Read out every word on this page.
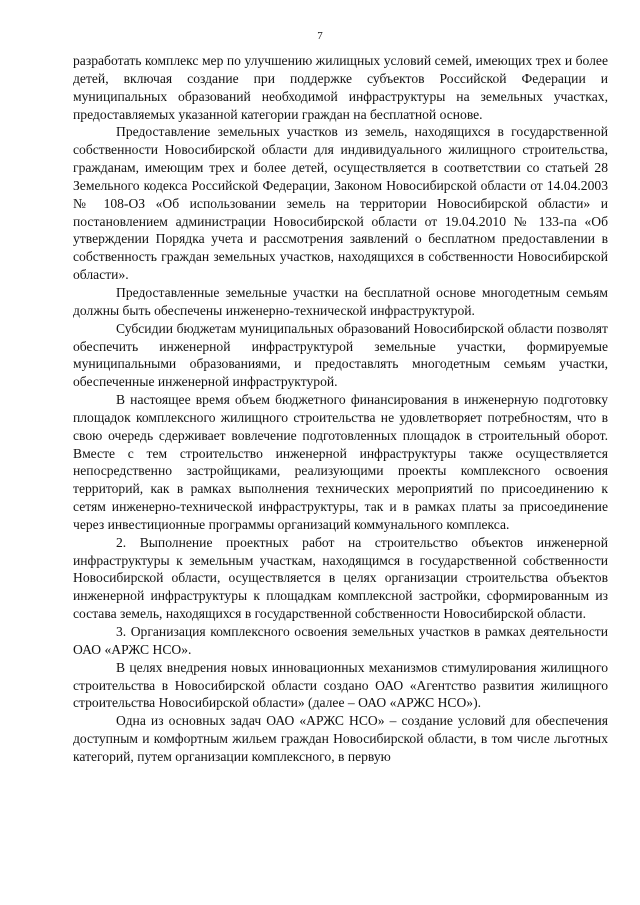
7

разработать комплекс мер по улучшению жилищных условий семей, имеющих трех и более детей, включая создание при поддержке субъектов Российской Федерации и муниципальных образований необходимой инфраструктуры на земельных участках, предоставляемых указанной категории граждан на бесплатной основе.

Предоставление земельных участков из земель, находящихся в государственной собственности Новосибирской области для индивидуального жилищного строительства, гражданам, имеющим трех и более детей, осуществляется в соответствии со статьей 28 Земельного кодекса Российской Федерации, Законом Новосибирской области от 14.04.2003 № 108-ОЗ «Об использовании земель на территории Новосибирской области» и постановлением администрации Новосибирской области от 19.04.2010 № 133-па «Об утверждении Порядка учета и рассмотрения заявлений о бесплатном предоставлении в собственность граждан земельных участков, находящихся в собственности Новосибирской области».

Предоставленные земельные участки на бесплатной основе многодетным семьям должны быть обеспечены инженерно-технической инфраструктурой.

Субсидии бюджетам муниципальных образований Новосибирской области позволят обеспечить инженерной инфраструктурой земельные участки, формируемые муниципальными образованиями, и предоставлять многодетным семьям участки, обеспеченные инженерной инфраструктурой.

В настоящее время объем бюджетного финансирования в инженерную подготовку площадок комплексного жилищного строительства не удовлетворяет потребностям, что в свою очередь сдерживает вовлечение подготовленных площадок в строительный оборот. Вместе с тем строительство инженерной инфраструктуры также осуществляется непосредственно застройщиками, реализующими проекты комплексного освоения территорий, как в рамках выполнения технических мероприятий по присоединению к сетям инженерно-технической инфраструктуры, так и в рамках платы за присоединение через инвестиционные программы организаций коммунального комплекса.

2. Выполнение проектных работ на строительство объектов инженерной инфраструктуры к земельным участкам, находящимся в государственной собственности Новосибирской области, осуществляется в целях организации строительства объектов инженерной инфраструктуры к площадкам комплексной застройки, сформированным из состава земель, находящихся в государственной собственности Новосибирской области.

3. Организация комплексного освоения земельных участков в рамках деятельности ОАО «АРЖС НСО».

В целях внедрения новых инновационных механизмов стимулирования жилищного строительства в Новосибирской области создано ОАО «Агентство развития жилищного строительства Новосибирской области» (далее – ОАО «АРЖС НСО»).

Одна из основных задач ОАО «АРЖС НСО» – создание условий для обеспечения доступным и комфортным жильем граждан Новосибирской области, в том числе льготных категорий, путем организации комплексного, в первую
